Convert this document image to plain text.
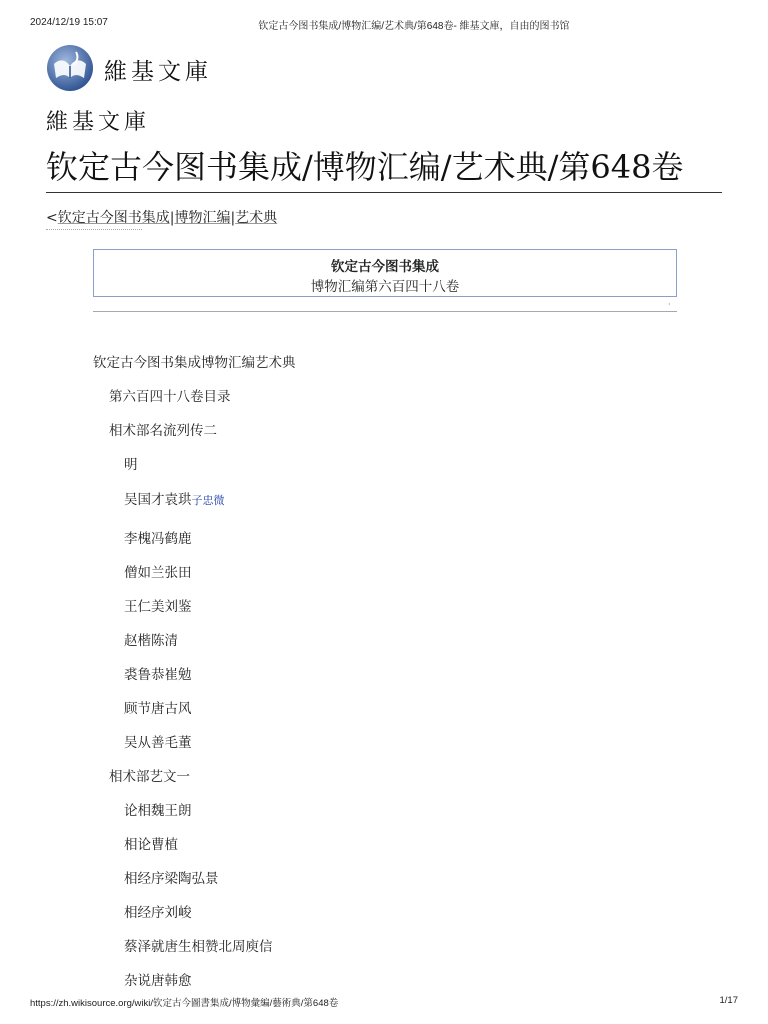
2024/12/19 15:07	钦定古今图书集成/博物汇编/艺术典/第648卷- 維基文庫，自由的图书馆
維基文庫
維基文庫
钦定古今图书集成/博物汇编/艺术典/第648卷
<钦定古今图书集成|博物汇编|艺术典
钦定古今图书集成
博物汇编第六百四十八卷
·
钦定古今图书集成博物汇编艺术典
第六百四十八卷目录
相术部名流列传二
明
吴国才袁珙子忠微
李槐冯鹤鹿
僧如兰张田
王仁美刘鉴
赵楷陈清
裘鲁恭崔勉
顾节唐古风
吴从善毛董
相术部艺文一
论相魏王朗
相论曹植
相经序梁陶弘景
相经序刘峻
蔡泽就唐生相赞北周庾信
杂说唐韩愈
https://zh.wikisource.org/wiki/钦定古今圖書集成/博物彙編/藝術典/第648卷	1/17
